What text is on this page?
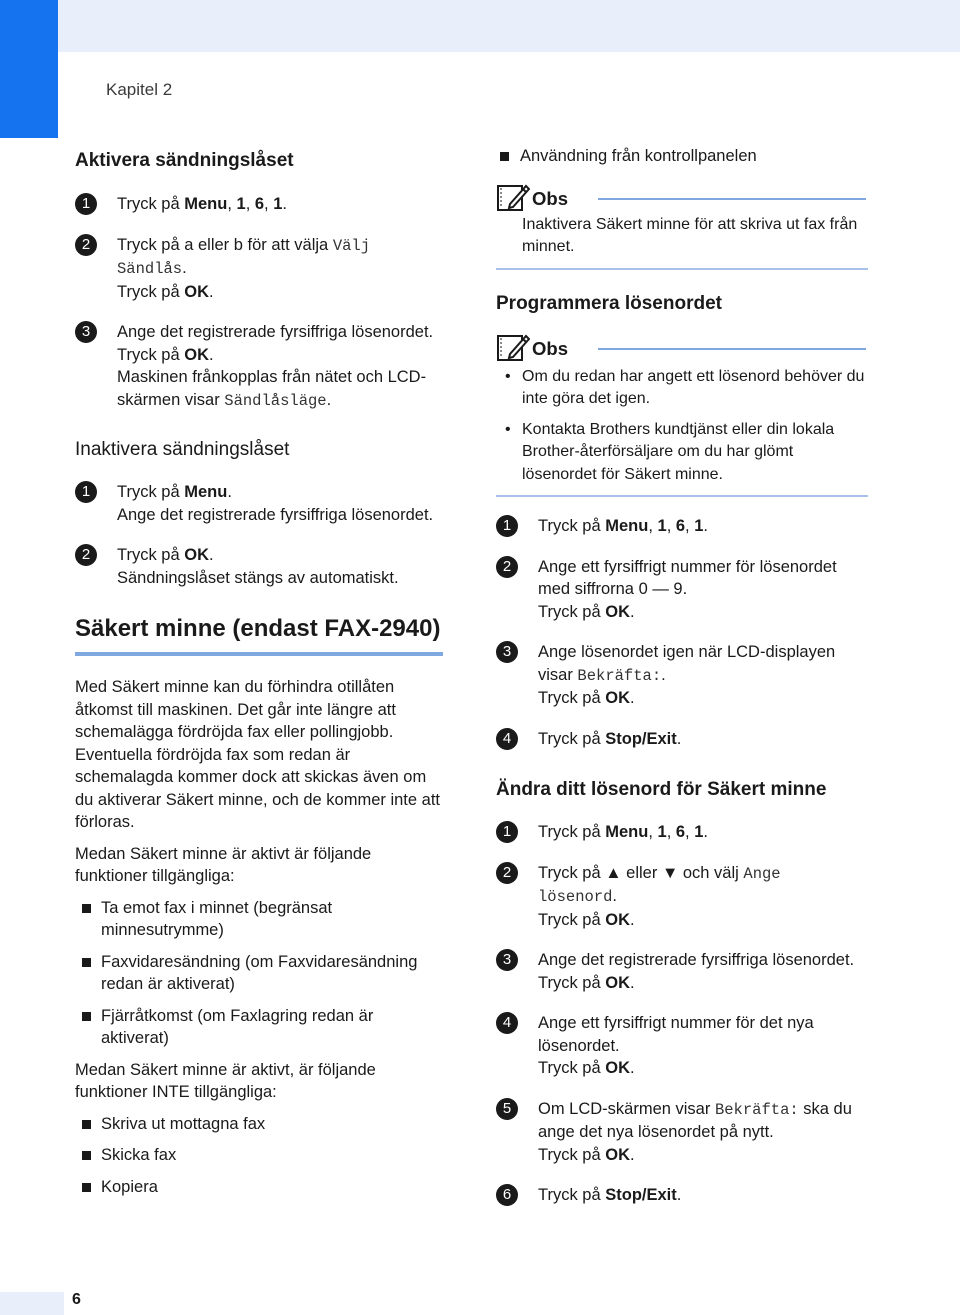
Kapitel 2
Aktivera sändningslåset
1	Tryck på Menu, 1, 6, 1.
2	Tryck på a eller b för att välja Välj Sändlås.
Tryck på OK.
3	Ange det registrerade fyrsiffriga lösenordet.
Tryck på OK.
Maskinen frånkopplas från nätet och LCD-skärmen visar Sändlåsläge.
Inaktivera sändningslåset
1	Tryck på Menu.
Ange det registrerade fyrsiffriga lösenordet.
2	Tryck på OK.
Sändningslåset stängs av automatiskt.
Säkert minne (endast FAX-2940)

Med Säkert minne kan du förhindra otillåten åtkomst till maskinen. Det går inte längre att schemalägga fördröjda fax eller pollingjobb. Eventuella fördröjda fax som redan är schemalagda kommer dock att skickas även om du aktiverar Säkert minne, och de kommer inte att förloras.

Medan Säkert minne är aktivt är följande funktioner tillgängliga:

Ta emot fax i minnet (begränsat minnesutrymme)
Faxvidaresändning (om Faxvidaresändning redan är aktiverat)
Fjärråtkomst (om Faxlagring redan är aktiverat)

Medan Säkert minne är aktivt, är följande funktioner INTE tillgängliga:

Skriva ut mottagna fax
Skicka fax
Kopiera
Användning från kontrollpanelen
Obs
Inaktivera Säkert minne för att skriva ut fax från minnet.
Programmera lösenordet
Obs
• Om du redan har angett ett lösenord behöver du inte göra det igen.
• Kontakta Brothers kundtjänst eller din lokala Brother-återförsäljare om du har glömt lösenordet för Säkert minne.
1	Tryck på Menu, 1, 6, 1.
2	Ange ett fyrsiffrigt nummer för lösenordet med siffrorna 0 — 9.
Tryck på OK.
3	Ange lösenordet igen när LCD-displayen visar Bekräfta:.
Tryck på OK.
4	Tryck på Stop/Exit.
Ändra ditt lösenord för Säkert minne
1	Tryck på Menu, 1, 6, 1.
2	Tryck på ▲ eller ▼ och välj Ange lösenord.
Tryck på OK.
3	Ange det registrerade fyrsiffriga lösenordet.
Tryck på OK.
4	Ange ett fyrsiffrigt nummer för det nya lösenordet.
Tryck på OK.
5	Om LCD-skärmen visar Bekräfta: ska du ange det nya lösenordet på nytt.
Tryck på OK.
6	Tryck på Stop/Exit.
6
